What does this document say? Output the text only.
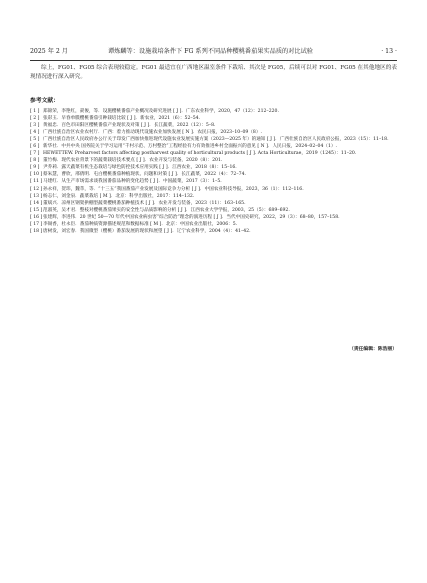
2025 年 2 月	谭炼麟等：设施栽培条件下 FG 系列不同品种樱桃番茄果实品质的对比试验	· 13 ·

综上，FG01、FG05 综合表现较稳定。FG01 最适宜在广西地区温室条件下栽培、其次是 FG05，后续可以对 FG01、FG05 在其他地区的表现情况进行深入研究。

参考文献：
[ 1 ] 郑锦荣，李艳红，聂俊，等．设施樱桃番茄产业概况及研究进展 [ J ]．广东农业科学，2020，47（12）：212–220.
[ 2 ] 张彩玉．早春单膜樱桃番茄引种栽培比较 [ J ]．新农业，2021（6）：52–54.
[ 3 ] 黄福忠．百色市田阳区樱桃番茄产业现状及对策 [ J ]．长江蔬菜，2022（12）：5–8.
[ 4 ] 广西壮族自治区农业农村厅．广西：着力推动现代设施农业加快发展 [ N ]．农民日报，2023–10–09（8）.
[ 5 ] 广西壮族自治区人民政府办公厅关于印发广西加快推进现代设施农业发展实施方案（2023—2025 年）的通知 [ J ]．广西壮族自治区人民政府公报，2023（15）：11–18.
[ 6 ] 新华社．中共中央 国务院关于学习运用“千村示范、万村整治”工程经验有力有效推进乡村全面振兴的意见 [ N ]．人民日报，2024–02–04（1）.
[ 7 ] HEWETTEW. Preharvest factors affecting postharvest quality of horticultural products [ J ]. Acta Horticulturae，2019（1245）：11–20.
[ 8 ] 董竹梅．现代农业背景下的蔬菜栽培技术要点 [ J ]．农业开发与装备，2020（8）：201.
[ 9 ] 尹乔莉．露天蔬菜有机生态栽培与绿色防控技术应用实践 [ J ]．江西农业，2018（8）：15–16.
[ 10 ] 蔡朱慧，曹欣，邢倩明．屯白樱桃番茄种植现状、问题和对策 [ J ]．长江蔬菜，2022（4）：72–74.
[ 11 ] 马建红．从生产市场需求谈我国番茄品种的变化趋势 [ J ]．中国蔬菜，2017（3）：1–5.
[ 12 ] 孙永祥，贺玮，魏萃，等．“十三五”我国番茄产业发展及国际竞争力分析 [ J ]．中国农业科技导报，2023，36（1）：112–116.
[ 13 ] 杨志仁，刘金泉．蔬菜栽培 [ M ]．北京：科学出版社，2017：114–132.
[ 14 ] 董斌兴．凉州区钢架拱棚型蔬菜樱桃番茄种植技术 [ J ]．农业开发与装备，2023（11）：163–165.
[ 15 ] 范淑英，吴才君．整枝对樱桃番茄果实的安全性与品质影响的分析 [ J ]．江西农业大学学报，2003，25（5）：689–692.
[ 16 ] 张建辉，李进伟．20 世纪 50—70 年代中国农业病虫害“综合防治”理念的演进历程 [ J ]．当代中国史研究，2022，29（3）：68–80，157–158.
[ 17 ] 李锡香，杜永臣．番茄种质资源描述规范和数据标准 [ M ]．北京：中国农业出版社，2006：5.
[ 18 ] 唐树发，刘宏春．我国微型（樱桃）番茄发展的现状和展望 [ J ]．辽宁农业科学，2004（4）：41–42.
（责任编辑：陈浩丽）
